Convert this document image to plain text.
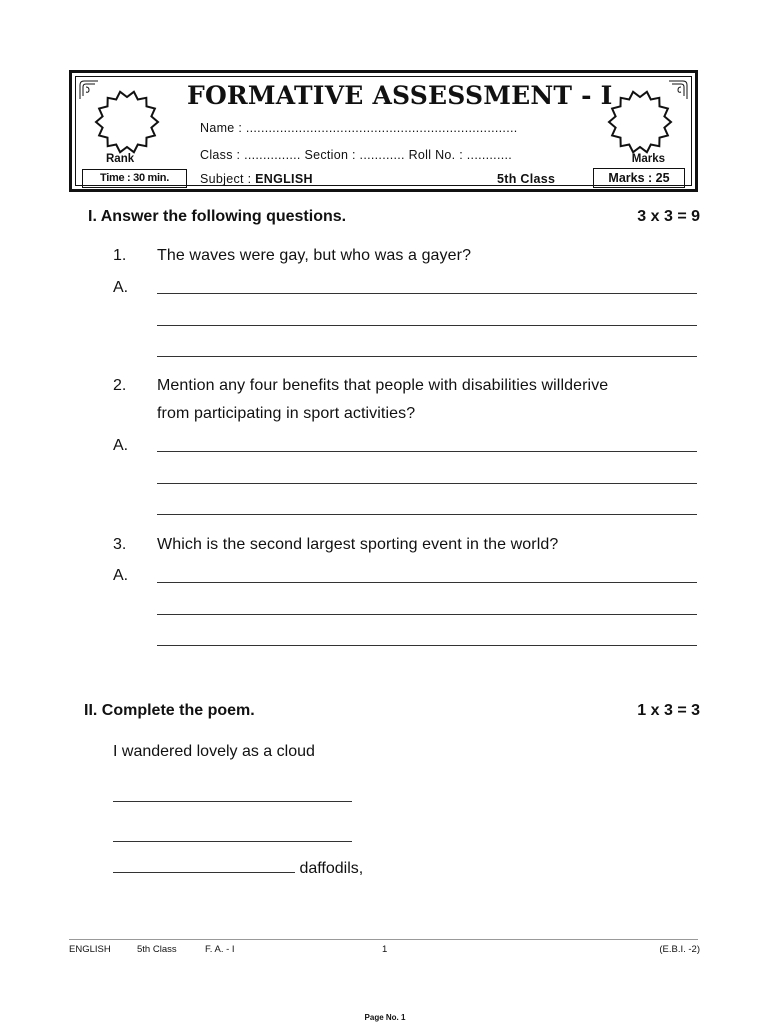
FORMATIVE ASSESSMENT - I
Name : ........................................................................
Class : ............... Section : ............ Roll No. : ............
Subject : ENGLISH	5th Class
Rank	Marks
Time : 30 min.	Marks : 25
I. Answer the following questions.	3 x 3 = 9
1. The waves were gay, but who was a gayer?
A.
2. Mention any four benefits that people with disabilities willderive
from participating in sport activities?
A.
3. Which is the second largest sporting event in the world?
A.
II. Complete the poem.	1 x 3 = 3
I wandered lovely as a cloud
daffodils,
ENGLISH	5th Class	F. A. - I	1	(E.B.I. -2)
Page No. 1
